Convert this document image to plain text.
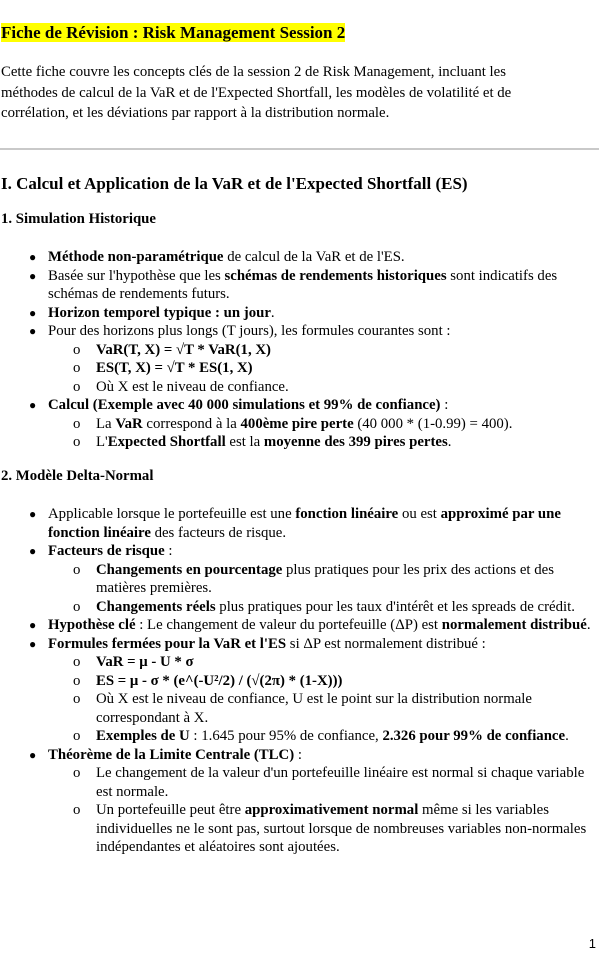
Fiche de Révision : Risk Management Session 2
Cette fiche couvre les concepts clés de la session 2 de Risk Management, incluant les méthodes de calcul de la VaR et de l'Expected Shortfall, les modèles de volatilité et de corrélation, et les déviations par rapport à la distribution normale.
I. Calcul et Application de la VaR et de l'Expected Shortfall (ES)
1. Simulation Historique
● Méthode non-paramétrique de calcul de la VaR et de l'ES.
● Basée sur l'hypothèse que les schémas de rendements historiques sont indicatifs des schémas de rendements futurs.
● Horizon temporel typique : un jour.
● Pour des horizons plus longs (T jours), les formules courantes sont :
o VaR(T, X) = √T * VaR(1, X)
o ES(T, X) = √T * ES(1, X)
o Où X est le niveau de confiance.
● Calcul (Exemple avec 40 000 simulations et 99% de confiance) :
o La VaR correspond à la 400ème pire perte (40 000 * (1-0.99) = 400).
o L'Expected Shortfall est la moyenne des 399 pires pertes.
2. Modèle Delta-Normal
● Applicable lorsque le portefeuille est une fonction linéaire ou est approximé par une fonction linéaire des facteurs de risque.
● Facteurs de risque :
o Changements en pourcentage plus pratiques pour les prix des actions et des matières premières.
o Changements réels plus pratiques pour les taux d'intérêt et les spreads de crédit.
● Hypothèse clé : Le changement de valeur du portefeuille (ΔP) est normalement distribué.
● Formules fermées pour la VaR et l'ES si ΔP est normalement distribué :
o VaR = μ - U * σ
o ES = μ - σ * (e^(-U²/2) / (√(2π) * (1-X)))
o Où X est le niveau de confiance, U est le point sur la distribution normale correspondant à X.
o Exemples de U : 1.645 pour 95% de confiance, 2.326 pour 99% de confiance.
● Théorème de la Limite Centrale (TLC) :
o Le changement de la valeur d'un portefeuille linéaire est normal si chaque variable est normale.
o Un portefeuille peut être approximativement normal même si les variables individuelles ne le sont pas, surtout lorsque de nombreuses variables non-normales indépendantes et aléatoires sont ajoutées.
1
